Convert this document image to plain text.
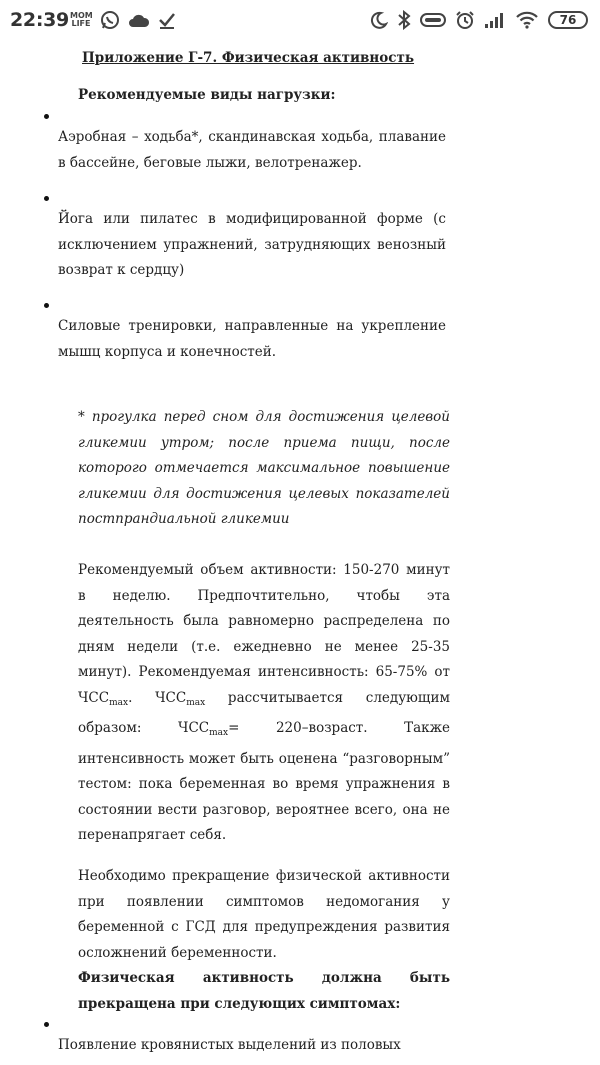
22:39 MOM
LIFE	76
Приложение Г-7. Физическая активность
Рекомендуемые виды нагрузки:
Аэробная – ходьба*, скандинавская ходьба, плавание в бассейне, беговые лыжи, велотренажер.
Йога или пилатес в модифицированной форме (с исключением упражнений, затрудняющих венозный возврат к сердцу)
Силовые тренировки, направленные на укрепление мышц корпуса и конечностей.
* прогулка перед сном для достижения целевой гликемии утром; после приема пищи, после которого отмечается максимальное повышение гликемии для достижения целевых показателей постпрандиальной гликемии
Рекомендуемый объем активности: 150-270 минут в неделю. Предпочтительно, чтобы эта деятельность была равномерно распределена по дням недели (т.е. ежедневно не менее 25-35 минут). Рекомендуемая интенсивность: 65-75% от $ЧСС_{max}$. $ЧСС_{max}$ рассчитывается следующим образом: $ЧСС_{max}=$ 220–возраст. Также интенсивность может быть оценена “разговорным” тестом: пока беременная во время упражнения в состоянии вести разговор, вероятнее всего, она не перенапрягает себя.
Необходимо прекращение физической активности при появлении симптомов недомогания у беременной с ГСД для предупреждения развития осложнений беременности.
Физическая активность должна быть прекращена при следующих симптомах:
Появление кровянистых выделений из половых
